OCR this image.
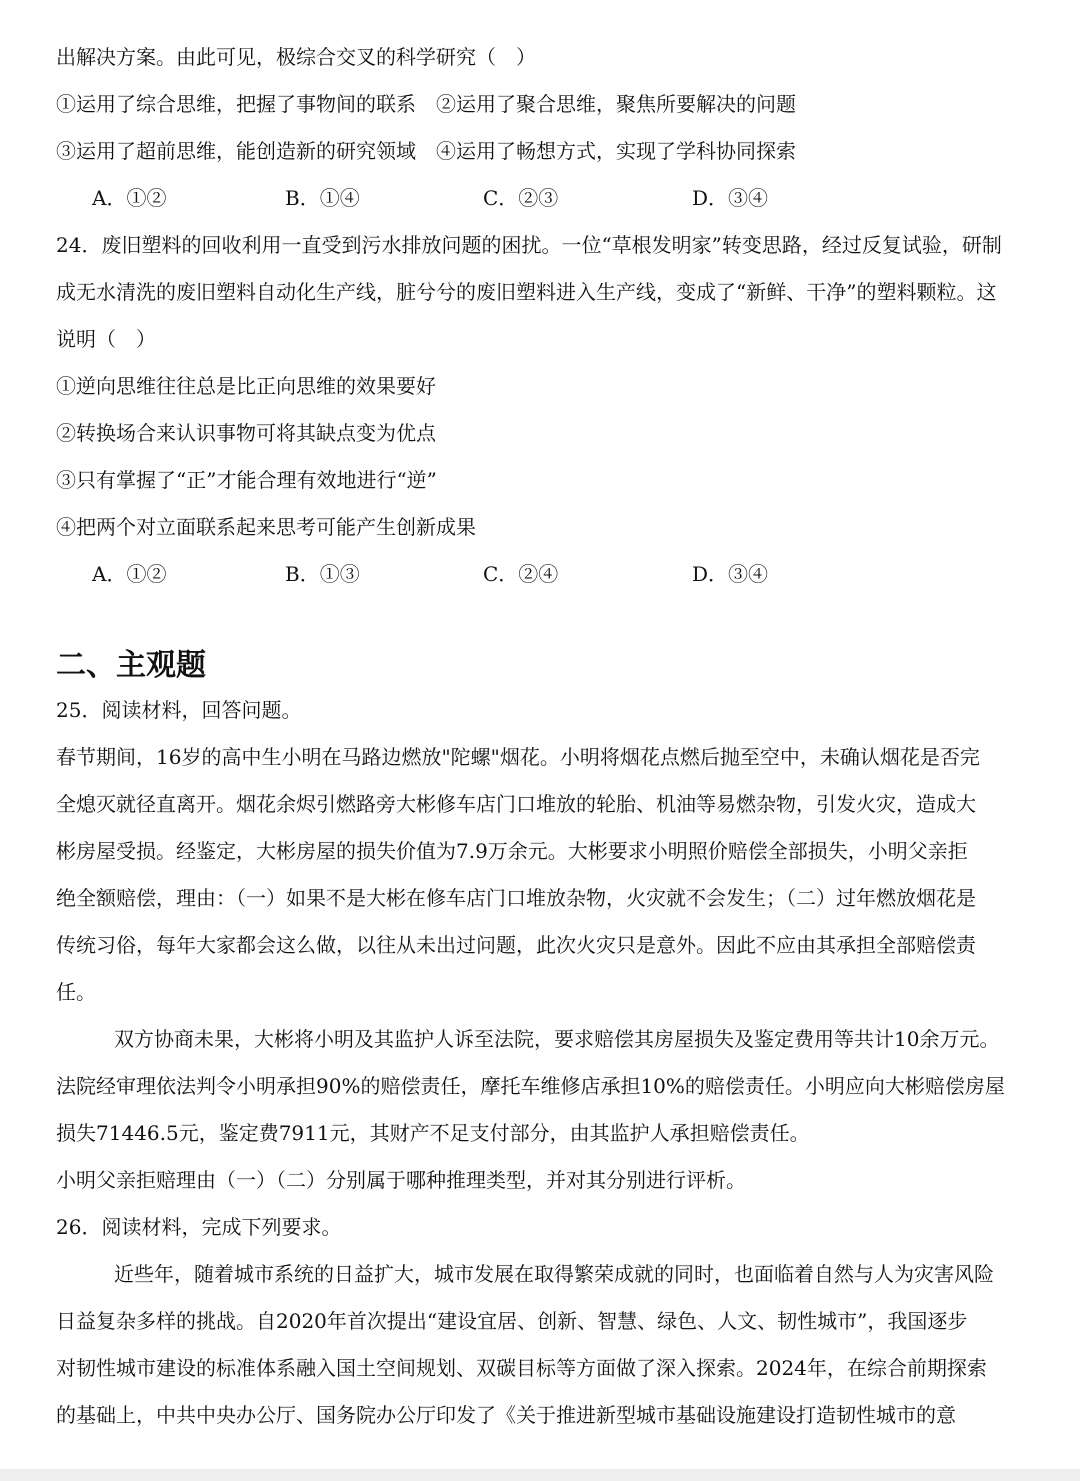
出解决方案。由此可见，极综合交叉的科学研究（　）

①运用了综合思维，把握了事物间的联系　②运用了聚合思维，聚焦所要解决的问题

③运用了超前思维，能创造新的研究领域　④运用了畅想方式，实现了学科协同探索

A．①②	B．①④	C．②③	D．③④

24．废旧塑料的回收利用一直受到污水排放问题的困扰。一位“草根发明家”转变思路，经过反复试验，研制

成无水清洗的废旧塑料自动化生产线，脏兮兮的废旧塑料进入生产线，变成了“新鲜、干净”的塑料颗粒。这

说明（　）

①逆向思维往往总是比正向思维的效果要好

②转换场合来认识事物可将其缺点变为优点

③只有掌握了“正”才能合理有效地进行“逆”

④把两个对立面联系起来思考可能产生创新成果

A．①②	B．①③	C．②④	D．③④
二、主观题

25．阅读材料，回答问题。

春节期间，16岁的高中生小明在马路边燃放"陀螺"烟花。小明将烟花点燃后抛至空中，未确认烟花是否完

全熄灭就径直离开。烟花余烬引燃路旁大彬修车店门口堆放的轮胎、机油等易燃杂物，引发火灾，造成大

彬房屋受损。经鉴定，大彬房屋的损失价值为7.9万余元。大彬要求小明照价赔偿全部损失，小明父亲拒

绝全额赔偿，理由：（一）如果不是大彬在修车店门口堆放杂物，火灾就不会发生；（二）过年燃放烟花是

传统习俗，每年大家都会这么做，以往从未出过问题，此次火灾只是意外。因此不应由其承担全部赔偿责

任。

双方协商未果，大彬将小明及其监护人诉至法院，要求赔偿其房屋损失及鉴定费用等共计10余万元。

法院经审理依法判令小明承担90%的赔偿责任，摩托车维修店承担10%的赔偿责任。小明应向大彬赔偿房屋

损失71446.5元，鉴定费7911元，其财产不足支付部分，由其监护人承担赔偿责任。

小明父亲拒赔理由（一）（二）分别属于哪种推理类型，并对其分别进行评析。

26．阅读材料，完成下列要求。

近些年，随着城市系统的日益扩大，城市发展在取得繁荣成就的同时，也面临着自然与人为灾害风险

日益复杂多样的挑战。自2020年首次提出“建设宜居、创新、智慧、绿色、人文、韧性城市”，我国逐步

对韧性城市建设的标准体系融入国土空间规划、双碳目标等方面做了深入探索。2024年，在综合前期探索

的基础上，中共中央办公厅、国务院办公厅印发了《关于推进新型城市基础设施建设打造韧性城市的意
